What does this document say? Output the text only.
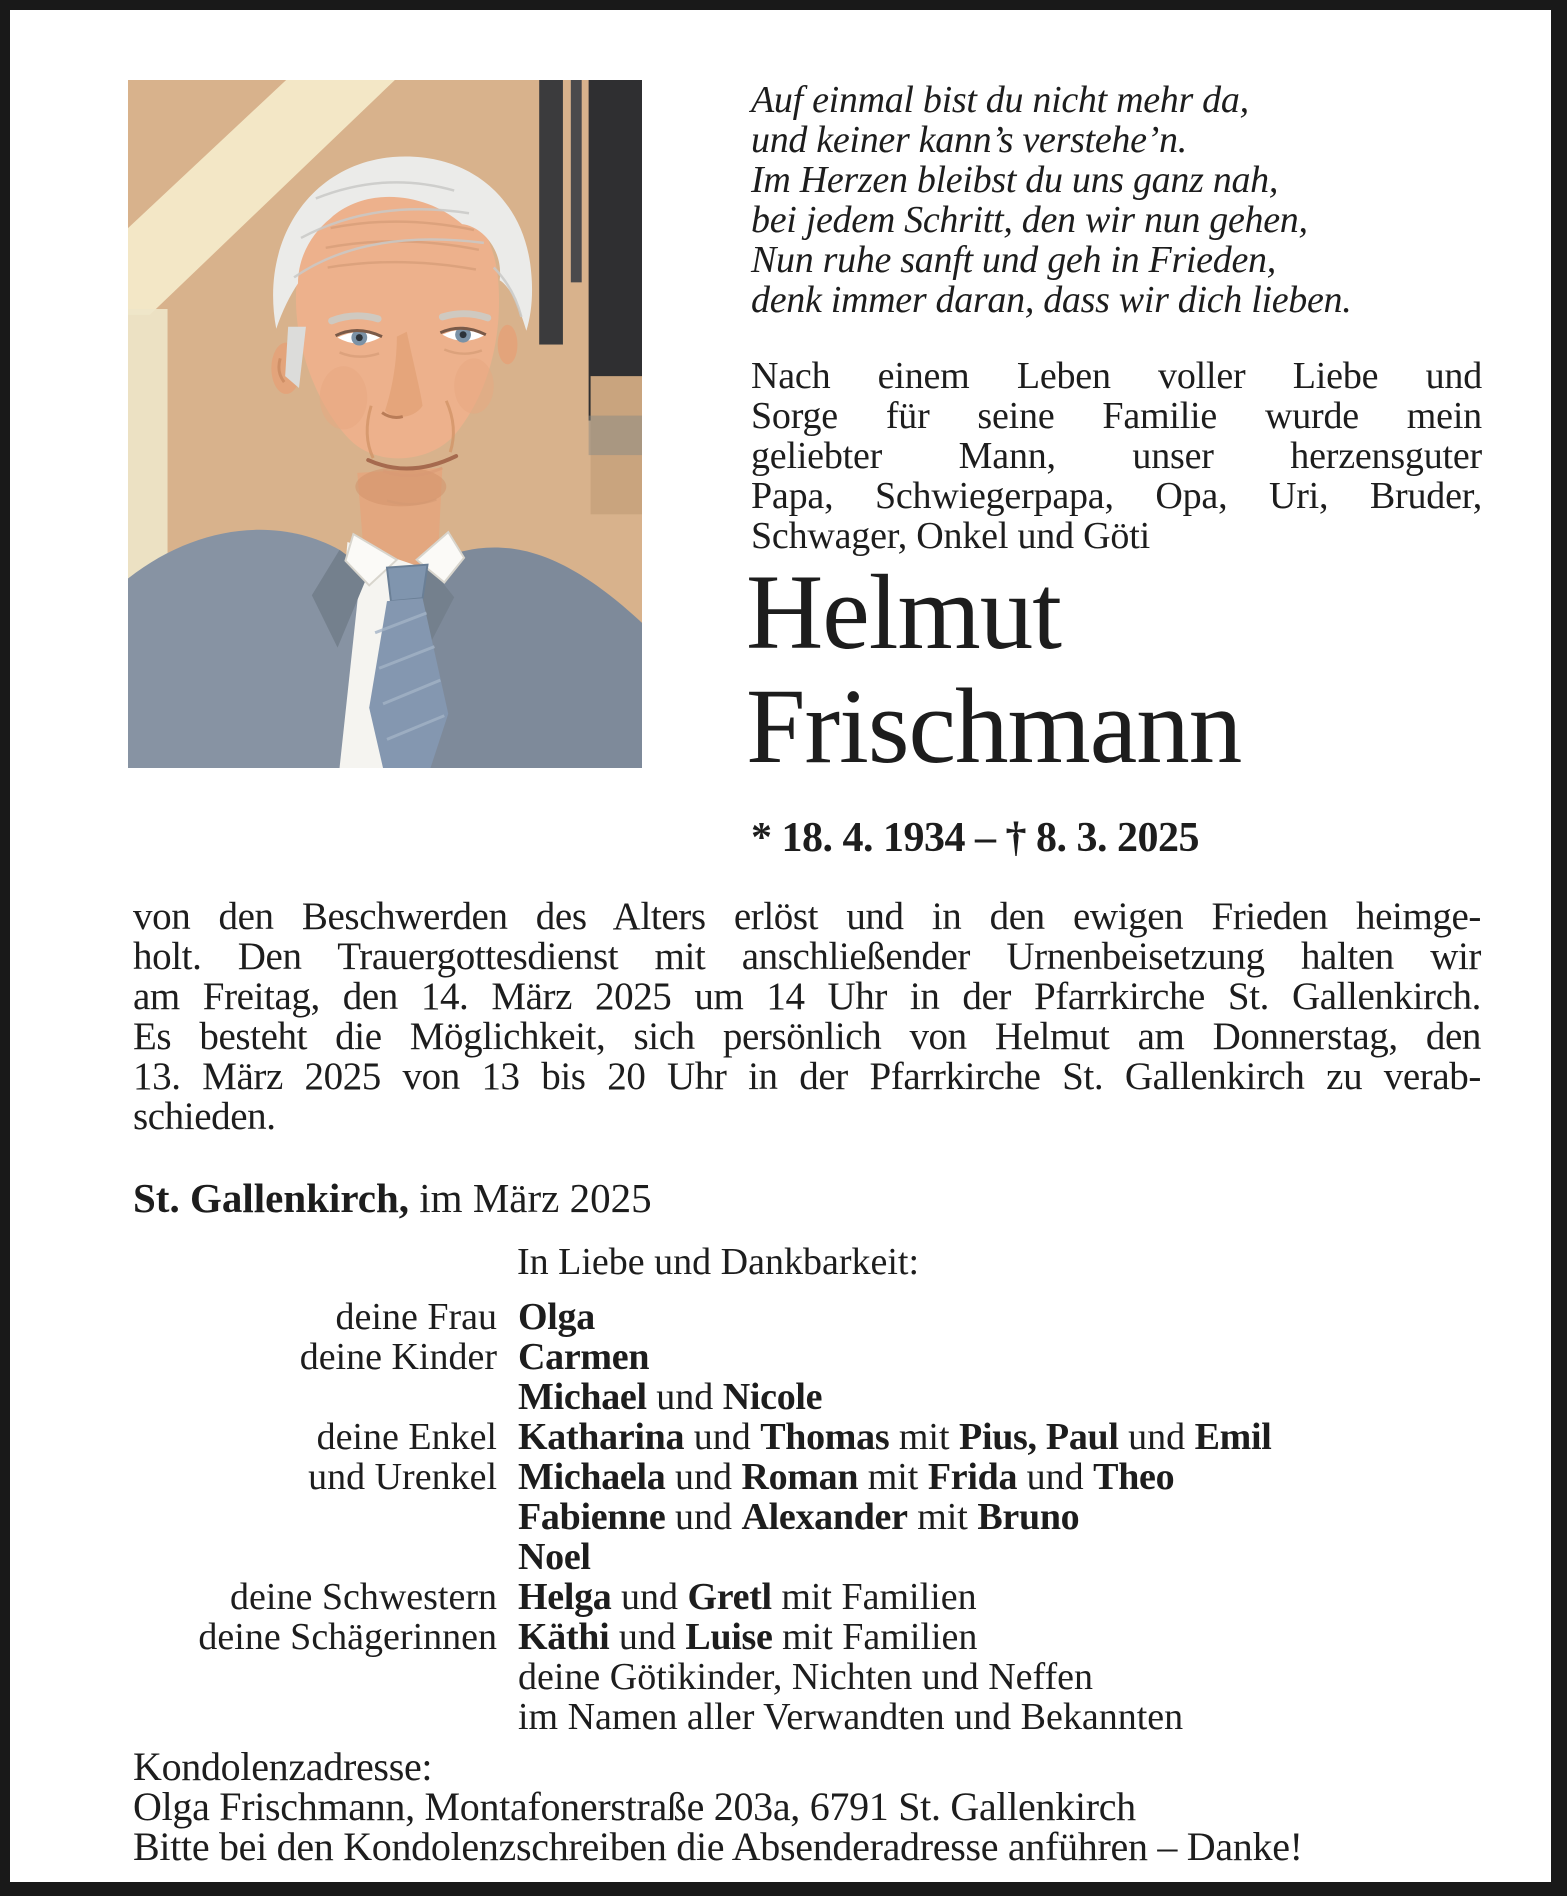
Auf einmal bist du nicht mehr da,
und keiner kann’s verstehe’n.
Im Herzen bleibst du uns ganz nah,
bei jedem Schritt, den wir nun gehen,
Nun ruhe sanft und geh in Frieden,
denk immer daran, dass wir dich lieben.
Nach einem Leben voller Liebe und
Sorge für seine Familie wurde mein
geliebter Mann, unser herzensguter
Papa, Schwiegerpapa, Opa, Uri, Bruder,
Schwager, Onkel und Göti
Helmut
Frischmann
* 18. 4. 1934 – † 8. 3. 2025
von den Beschwerden des Alters erlöst und in den ewigen Frieden heimge-
holt. Den Trauergottesdienst mit anschließender Urnenbeisetzung halten wir
am Freitag, den 14. März 2025 um 14 Uhr in der Pfarrkirche St. Gallenkirch.
Es besteht die Möglichkeit, sich persönlich von Helmut am Donnerstag, den
13. März 2025 von 13 bis 20 Uhr in der Pfarrkirche St. Gallenkirch zu verab-
schieden.
St. Gallenkirch, im März 2025
In Liebe und Dankbarkeit:
deine Frau Olga
deine Kinder Carmen
Michael und Nicole
deine Enkel Katharina und Thomas mit Pius, Paul und Emil
und Urenkel Michaela und Roman mit Frida und Theo
Fabienne und Alexander mit Bruno
Noel
deine Schwestern Helga und Gretl mit Familien
deine Schägerinnen Käthi und Luise mit Familien
deine Götikinder, Nichten und Neffen
im Namen aller Verwandten und Bekannten
Kondolenzadresse:
Olga Frischmann, Montafonerstraße 203a, 6791 St. Gallenkirch
Bitte bei den Kondolenzschreiben die Absenderadresse anführen – Danke!
